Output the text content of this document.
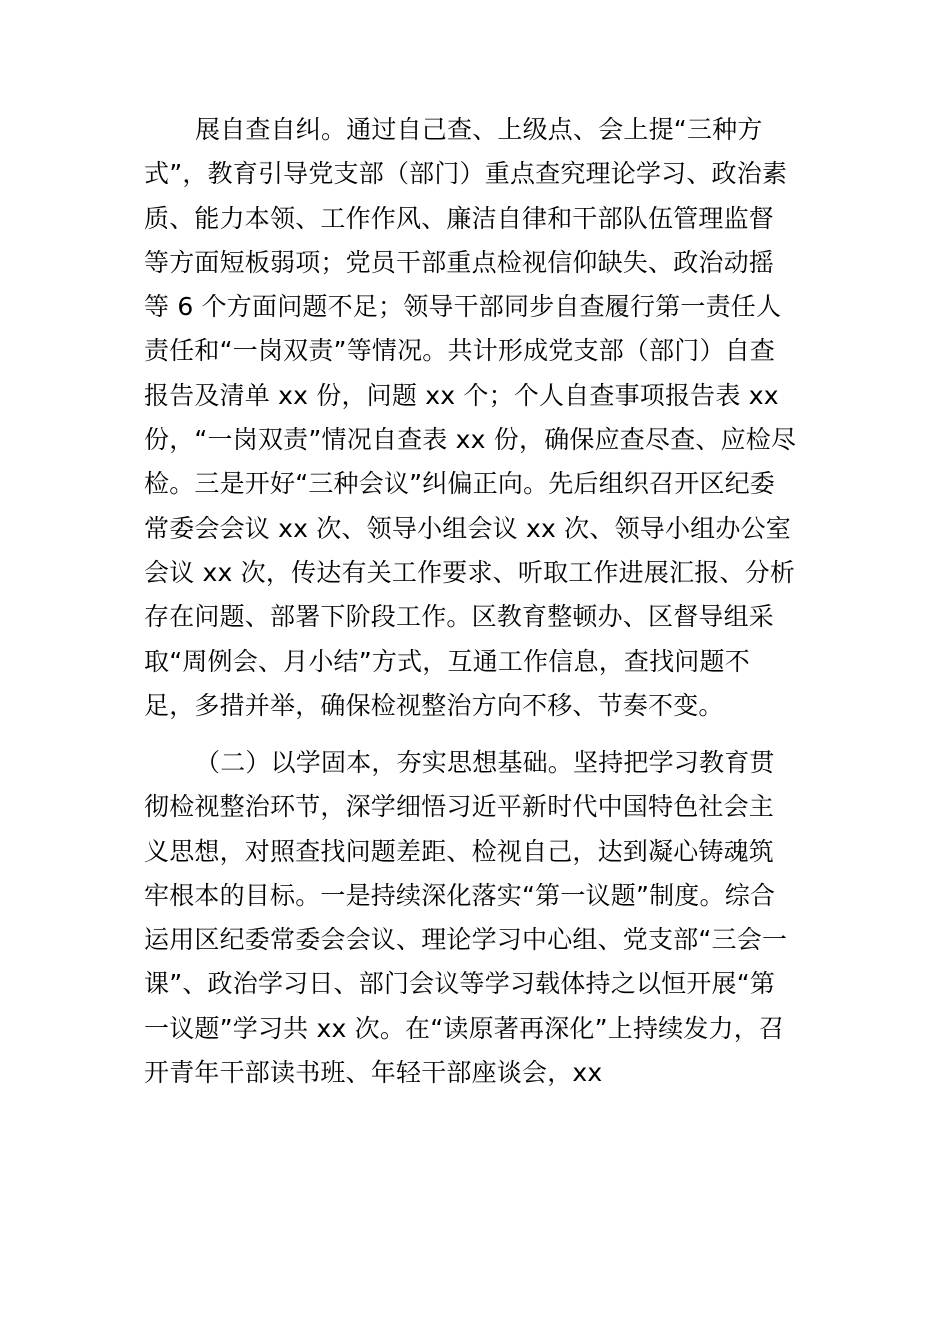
展自查自纠。通过自己查、上级点、会上提“三种方
式”，教育引导党支部（部门）重点查究理论学习、政治素
质、能力本领、工作作风、廉洁自律和干部队伍管理监督
等方面短板弱项；党员干部重点检视信仰缺失、政治动摇
等 6 个方面问题不足；领导干部同步自查履行第一责任人
责任和“一岗双责”等情况。共计形成党支部（部门）自查
报告及清单 xx 份，问题 xx 个；个人自查事项报告表 xx
份，“一岗双责”情况自查表 xx 份，确保应查尽查、应检尽
检。三是开好“三种会议”纠偏正向。先后组织召开区纪委
常委会会议 xx 次、领导小组会议 xx 次、领导小组办公室
会议 xx 次，传达有关工作要求、听取工作进展汇报、分析
存在问题、部署下阶段工作。区教育整顿办、区督导组采
取“周例会、月小结”方式，互通工作信息，查找问题不
足，多措并举，确保检视整治方向不移、节奏不变。
（二）以学固本，夯实思想基础。坚持把学习教育贯
彻检视整治环节，深学细悟习近平新时代中国特色社会主
义思想，对照查找问题差距、检视自己，达到凝心铸魂筑
牢根本的目标。一是持续深化落实“第一议题”制度。综合
运用区纪委常委会会议、理论学习中心组、党支部“三会一
课”、政治学习日、部门会议等学习载体持之以恒开展“第
一议题”学习共 xx 次。在“读原著再深化”上持续发力，召
开青年干部读书班、年轻干部座谈会，xx
